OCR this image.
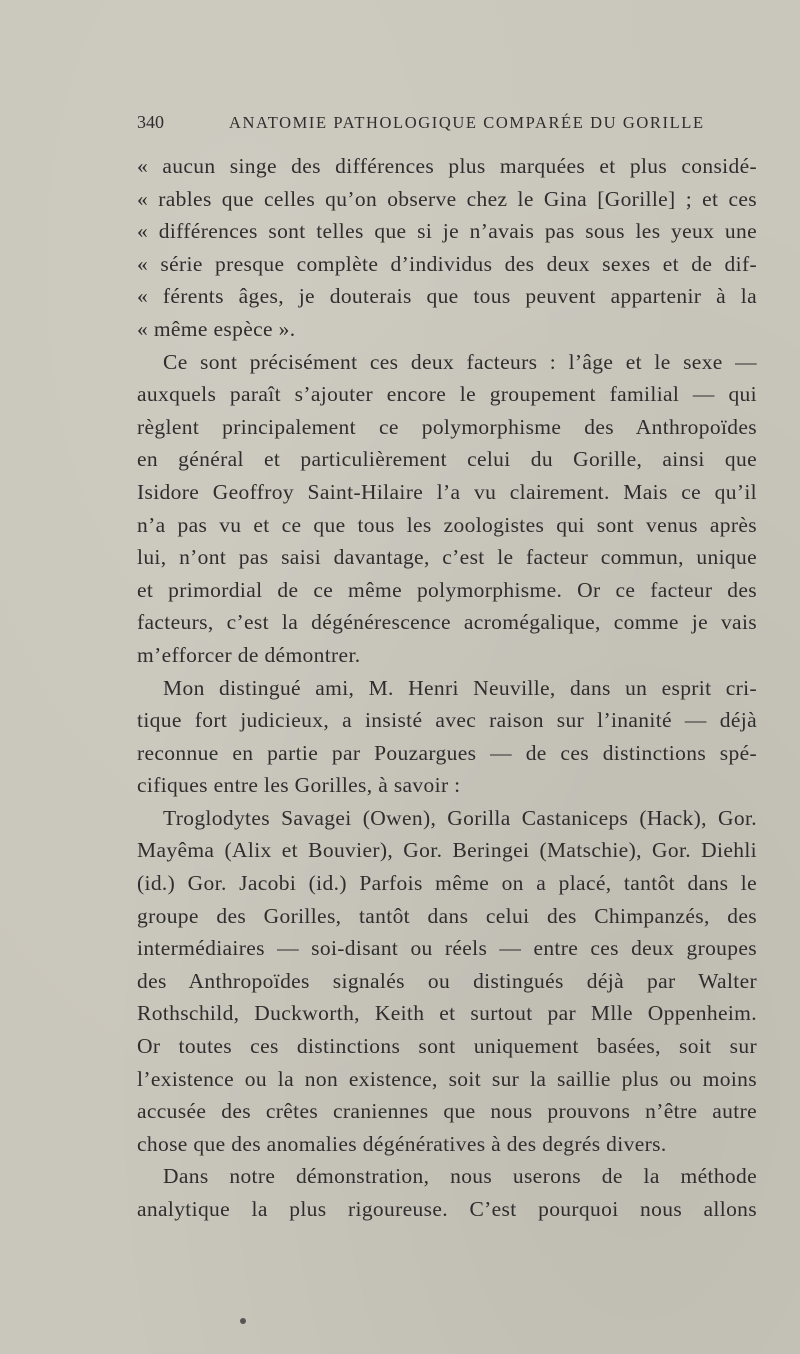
340	ANATOMIE PATHOLOGIQUE COMPARÉE DU GORILLE

« aucun singe des différences plus marquées et plus considé-

« rables que celles qu’on observe chez le Gina [Gorille] ; et ces

« différences sont telles que si je n’avais pas sous les yeux une

« série presque complète d’individus des deux sexes et de dif-

« férents âges, je douterais que tous peuvent appartenir à la

« même espèce ».

Ce sont précisément ces deux facteurs : l’âge et le sexe —

auxquels paraît s’ajouter encore le groupement familial — qui

règlent principalement ce polymorphisme des Anthropoïdes

en général et particulièrement celui du Gorille, ainsi que

Isidore Geoffroy Saint-Hilaire l’a vu clairement. Mais ce qu’il

n’a pas vu et ce que tous les zoologistes qui sont venus après

lui, n’ont pas saisi davantage, c’est le facteur commun, unique

et primordial de ce même polymorphisme. Or ce facteur des

facteurs, c’est la dégénérescence acromégalique, comme je vais

m’efforcer de démontrer.

Mon distingué ami, M. Henri Neuville, dans un esprit cri-

tique fort judicieux, a insisté avec raison sur l’inanité — déjà

reconnue en partie par Pouzargues — de ces distinctions spé-

cifiques entre les Gorilles, à savoir :

Troglodytes Savagei (Owen), Gorilla Castaniceps (Hack), Gor.

Mayêma (Alix et Bouvier), Gor. Beringei (Matschie), Gor. Diehli

(id.) Gor. Jacobi (id.) Parfois même on a placé, tantôt dans le

groupe des Gorilles, tantôt dans celui des Chimpanzés, des

intermédiaires — soi-disant ou réels — entre ces deux groupes

des Anthropoïdes signalés ou distingués déjà par Walter

Rothschild, Duckworth, Keith et surtout par Mlle Oppenheim.

Or toutes ces distinctions sont uniquement basées, soit sur

l’existence ou la non existence, soit sur la saillie plus ou moins

accusée des crêtes craniennes que nous prouvons n’être autre

chose que des anomalies dégénératives à des degrés divers.

Dans notre démonstration, nous userons de la méthode

analytique la plus rigoureuse. C’est pourquoi nous allons
